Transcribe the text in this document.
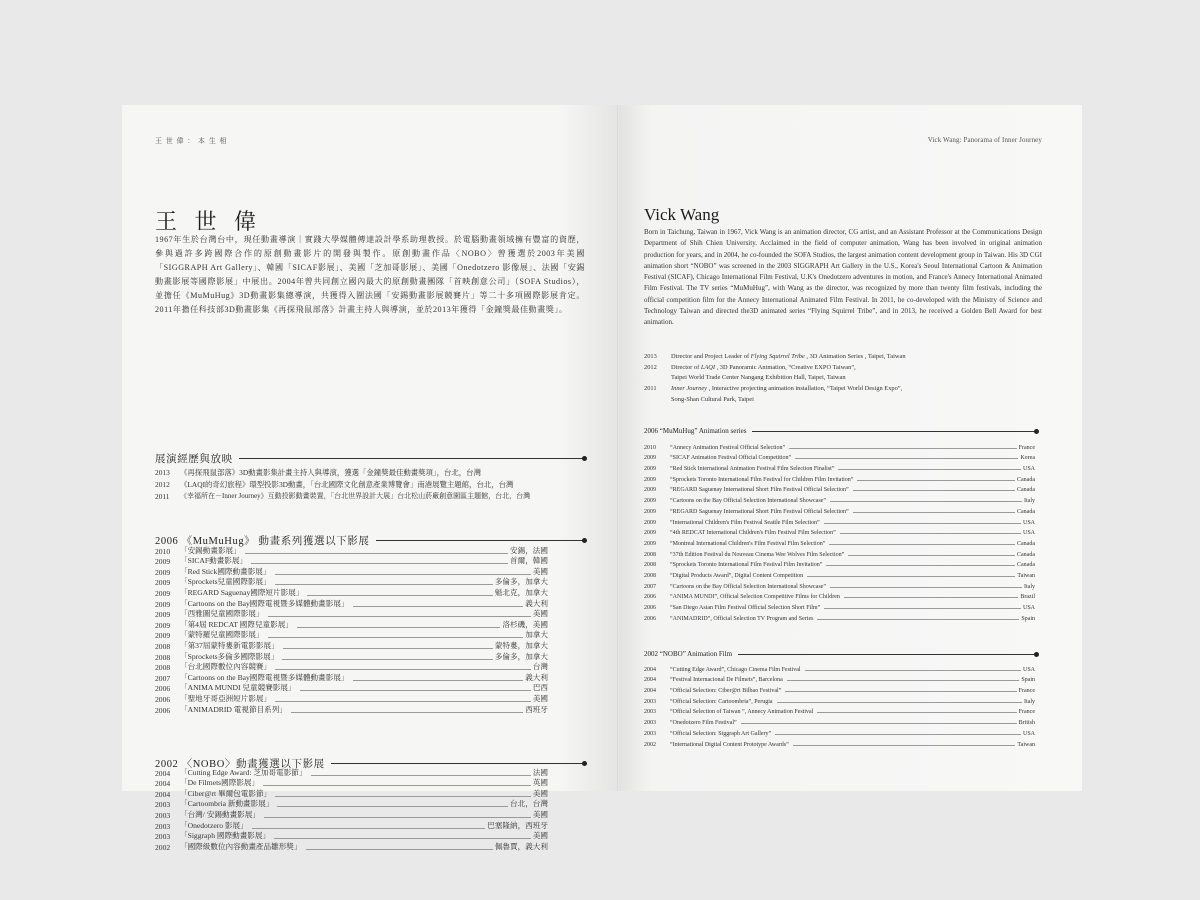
王 世 偉 ： 本 生 相
王 世 偉
1967年生於台灣台中，現任動畫導演｜實踐大學媒體傳達設計學系助理教授。於電腦動畫領域擁有豐富的資歷，參與過許多跨國際合作的原創動畫影片的開發與製作。原創動畫作品〈NOBO〉曾獲選於2003年美國「SIGGRAPH Art Gallery」、韓國「SICAF影展」、美國「芝加哥影展」、美國「Onedotzero 影像展」、法國「安錫動畫影展等國際影展」中展出。2004年曾共同創立國內最大的原創動畫團隊「首映創意公司」（SOFA Studios），並擔任《MuMuHug》3D動畫影集總導演，共獲得入圍法國「安錫動畫影展競賽片」等二十多項國際影展肯定。2011年擔任科技部3D動畫影集《再探飛鼠部落》計畫主持人與導演，並於2013年獲得「金鐘獎最佳動畫獎」。
展演經歷與放映
2013	《再探飛鼠部落》3D動畫影集計畫主持人與導演，獲選「金鐘獎最佳動畫獎項」，台北，台灣
2012	《LAQI的奇幻旅程》環型投影3D動畫，「台北國際文化創意產業博覽會」南港展覽主題館，台北，台灣
2011	《幸福所在－Inner Journey》互動投影動畫裝置，「台北世界設計大展」台北松山菸廠創意園區主題館，台北，台灣
2006 《MuMuHug》 動畫系列獲選以下影展
2010	「安錫動畫影展」	安錫，法國
2009	「SICAF動畫影展」	首爾，韓國
2009	「Red Stick國際動畫影展」	美國
2009	「Sprockets兒童國際影展」	多倫多，加拿大
2009	「REGARD Saguenay國際短片影展」	魁北克，加拿大
2009	「Cartoons on the Bay國際電視暨多媒體動畫影展」	義大利
2009	「西雅圖兒童國際影展」	美國
2009	「第4屆 REDCAT 國際兒童影展」	洛杉磯，美國
2009	「蒙特羅兒童國際影展」	加拿大
2008	「第37屆蒙特婁新電影影展」	蒙特婁，加拿大
2008	「Sprockets多倫多國際影展」	多倫多，加拿大
2008	「台北國際數位內容競賽」	台灣
2007	「Cartoons on the Bay國際電視暨多媒體動畫影展」	義大利
2006	「ANIMA MUNDI 兒童競賽影展」	巴西
2006	「聖地牙哥亞洲短片影展」	美國
2006	「ANIMADRID 電視節目系列」	西班牙
2002 〈NOBO〉動畫獲選以下影展
2004	「Cutting Edge Award: 芝加哥電影節」	法國
2004	「De Filmets國際影展」	英國
2004	「Ciber@rt 畢爾包電影節」	美國
2003	「Cartoombria 新動畫影展」	台北，台灣
2003	「台灣/ 安錫動畫影展」	美國
2003	「Onedotzero 影展」	巴塞隆納，西班牙
2003	「Siggraph 國際動畫影展」	美國
2002	「國際級數位內容動畫產品雛形獎」	佩魯賈，義大利
Vick Wang: Panorama of Inner Journey
Vick Wang
Born in Taichung, Taiwan in 1967, Vick Wang is an animation director, CG artist, and an Assistant Professor at the Communications Design Department of Shih Chien University. Acclaimed in the field of computer animation, Wang has been involved in original animation production for years, and in 2004, he co-founded the SOFA Studios, the largest animation content development group in Taiwan. His 3D CGI animation short “NOBO” was screened in the 2003 SIGGRAPH Art Gallery in the U.S., Korea's Seoul International Cartoon & Animation Festival (SICAF), Chicago International Film Festival, U.K's Onedotzero adventures in motion, and France's Annecy International Animated Film Festival. The TV series “MuMuHug”, with Wang as the director, was recognized by more than twenty film festivals, including the official competition film for the Annecy International Animated Film Festival. In 2011, he co-developed with the Ministry of Science and Technology Taiwan and directed the3D animated series “Flying Squirrel Tribe”, and in 2013, he received a Golden Bell Award for best animation.
2013	Director and Project Leader of Flying Squirrel Tribe , 3D Animation Series , Taipei, Taiwan
2012	Director of LAQI , 3D Panoramic Animation, “Creative EXPO Taiwan”,
Taipei World Trade Center Nangang Exhibition Hall, Taipei, Taiwan
2011	Inner Journey , Interactive projecting animation installation, “Taipei World Design Expo”,
Song-Shan Cultural Park, Taipei
2006 “MuMuHug” Animation series
2010	“Annecy Animation Festival Official Selection”	France
2009	“SICAF Animation Festival Official Competition”	Korea
2009	“Red Stick International Animation Festival Film Selection Finalist”	USA
2009	“Sprockets Toronto International Film Festival for Children Film Invitation”	Canada
2009	“REGARD Saguenay International Short Film Festival Official Selection”	Canada
2009	“Cartoons on the Bay Official Selection International Showcase”	Italy
2009	“REGARD Saguenay International Short Film Festival Official Selection”	Canada
2009	“International Children's Film Festival Seattle Film Selection”	USA
2009	“4th REDCAT International Children's Film Festival Film Selection”	USA
2009	“Montreal International Children's Film Festival Film Selection”	Canada
2008	“37th Edition Festival du Nouveau Cinema Wee Wolves Film Selection”	Canada
2008	“Sprockets Toronto International Film Festival Film Invitation”	Canada
2008	“Digital Products Award”, Digital Content Competition	Taiwan
2007	“Cartoons on the Bay Official Selection International Showcase”	Italy
2006	“ANIMA MUNDI”, Official Selection Competitive Films for Children	Brazil
2006	“San Diego Asian Film Festival Official Selection Short Film”	USA
2006	“ANIMADRID”, Official Selection TV Program and Series	Spain
2002 “NOBO” Animation Film
2004	“Cutting Edge Award”, Chicago Cinema Film Festival	USA
2004	“Festival Internacional De Filmets”, Barcelona	Spain
2004	“Official Selection: Ciber@rt Bilbao Festival”	France
2003	“Official Selection: Cartoombria”, Perugia	Italy
2003	“Official Selection of Taiwan ”, Annecy Animation Festival	France
2003	“Onedotzero Film Festival”	British
2003	“Official Selection: Siggraph Art Gallery”	USA
2002	“International Digital Content Prototype Awards”	Taiwan
